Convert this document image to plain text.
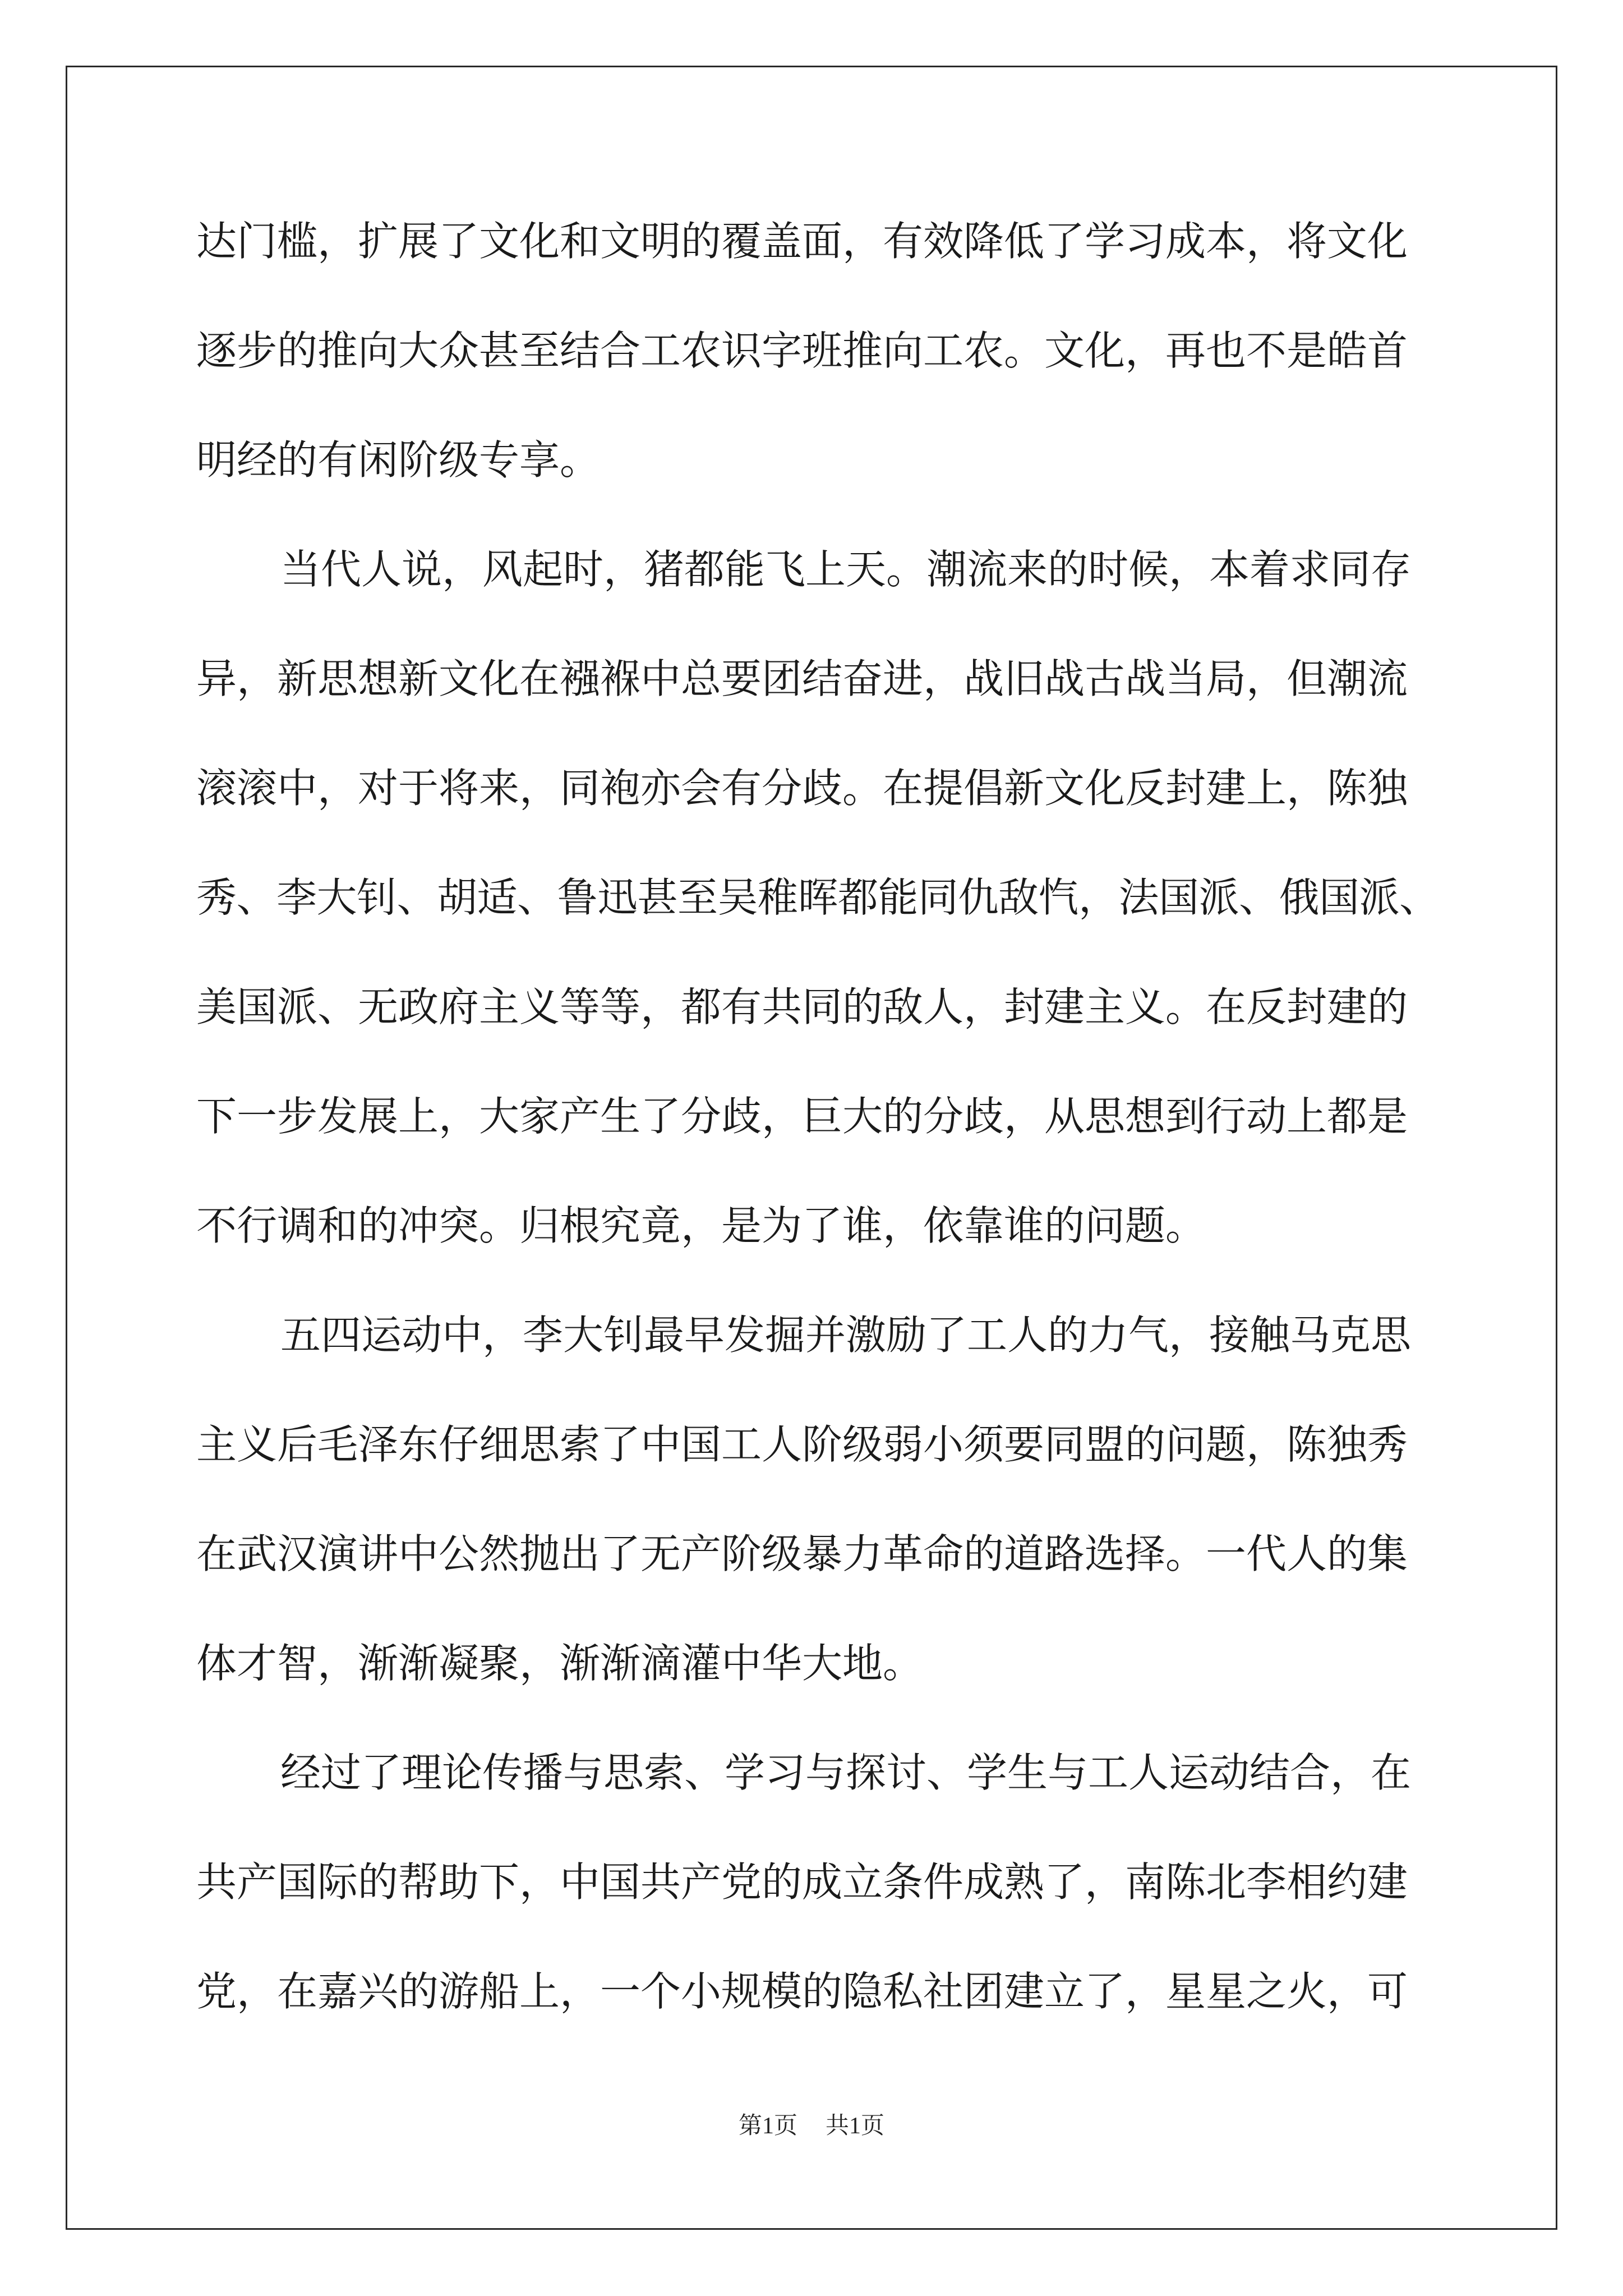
达门槛，扩展了文化和文明的覆盖面，有效降低了学习成本，将文化
逐步的推向大众甚至结合工农识字班推向工农。文化，再也不是皓首
明经的有闲阶级专享。
当代人说，风起时，猪都能飞上天。潮流来的时候，本着求同存
异，新思想新文化在襁褓中总要团结奋进，战旧战古战当局，但潮流
滚滚中，对于将来，同袍亦会有分歧。在提倡新文化反封建上，陈独
秀、李大钊、胡适、鲁迅甚至吴稚晖都能同仇敌忾，法国派、俄国派、
美国派、无政府主义等等，都有共同的敌人，封建主义。在反封建的
下一步发展上，大家产生了分歧，巨大的分歧，从思想到行动上都是
不行调和的冲突。归根究竟，是为了谁，依靠谁的问题。
五四运动中，李大钊最早发掘并激励了工人的力气，接触马克思
主义后毛泽东仔细思索了中国工人阶级弱小须要同盟的问题，陈独秀
在武汉演讲中公然抛出了无产阶级暴力革命的道路选择。一代人的集
体才智，渐渐凝聚，渐渐滴灌中华大地。
经过了理论传播与思索、学习与探讨、学生与工人运动结合，在
共产国际的帮助下，中国共产党的成立条件成熟了，南陈北李相约建
党，在嘉兴的游船上，一个小规模的隐私社团建立了，星星之火，可
第1页 共1页
